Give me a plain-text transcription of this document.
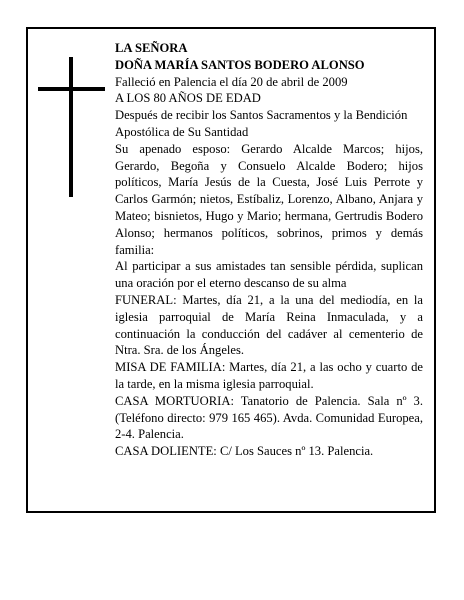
LA SEÑORA
DOÑA MARÍA SANTOS BODERO ALONSO
Falleció en Palencia el día 20 de abril de 2009
A LOS 80 AÑOS DE EDAD
Después de recibir los Santos Sacramentos y la Bendición Apostólica de Su Santidad
Su apenado esposo: Gerardo Alcalde Marcos; hijos, Gerardo, Begoña y Consuelo Alcalde Bodero; hijos políticos, María Jesús de la Cuesta, José Luis Perrote y Carlos Garmón; nietos, Estíbaliz, Lorenzo, Albano, Anjara y Mateo; bisnietos, Hugo y Mario; hermana, Gertrudis Bodero Alonso; hermanos políticos, sobrinos, primos y demás familia:
Al participar a sus amistades tan sensible pérdida, suplican una oración por el eterno descanso de su alma
FUNERAL: Martes, día 21, a la una del mediodía, en la iglesia parroquial de María Reina Inmaculada, y a continuación la conducción del cadáver al cementerio de Ntra. Sra. de los Ángeles.
MISA DE FAMILIA: Martes, día 21, a las ocho y cuarto de la tarde, en la misma iglesia parroquial.
CASA MORTUORIA: Tanatorio de Palencia. Sala nº 3. (Teléfono directo: 979 165 465). Avda. Comunidad Europea, 2-4. Palencia.
CASA DOLIENTE: C/ Los Sauces nº 13. Palencia.
